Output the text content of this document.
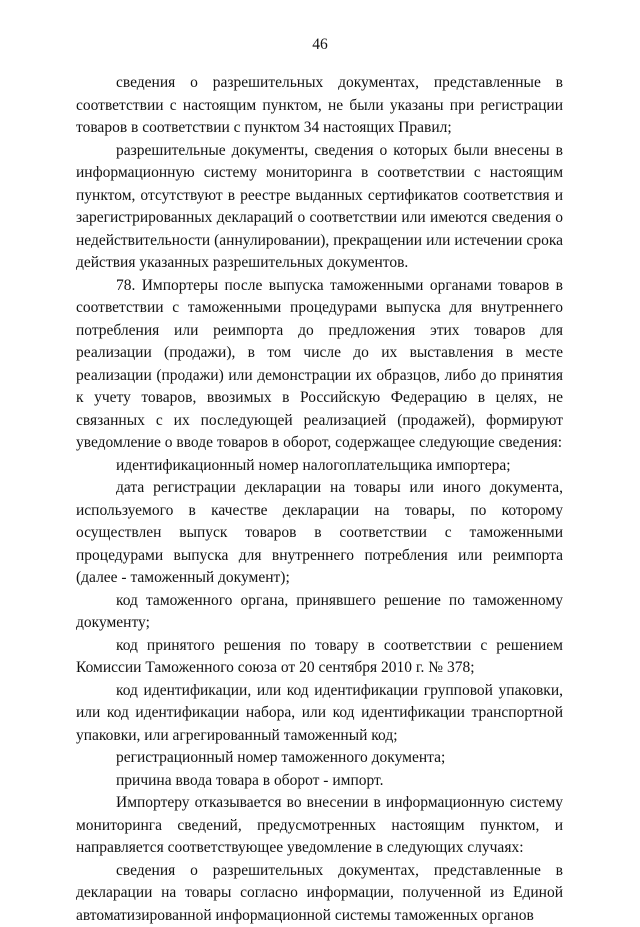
46

сведения о разрешительных документах, представленные в соответствии с настоящим пунктом, не были указаны при регистрации товаров в соответствии с пунктом 34 настоящих Правил;

разрешительные документы, сведения о которых были внесены в информационную систему мониторинга в соответствии с настоящим пунктом, отсутствуют в реестре выданных сертификатов соответствия и зарегистрированных деклараций о соответствии или имеются сведения о недействительности (аннулировании), прекращении или истечении срока действия указанных разрешительных документов.

78. Импортеры после выпуска таможенными органами товаров в соответствии с таможенными процедурами выпуска для внутреннего потребления или реимпорта до предложения этих товаров для реализации (продажи), в том числе до их выставления в месте реализации (продажи) или демонстрации их образцов, либо до принятия к учету товаров, ввозимых в Российскую Федерацию в целях, не связанных с их последующей реализацией (продажей), формируют уведомление о вводе товаров в оборот, содержащее следующие сведения:

идентификационный номер налогоплательщика импортера;

дата регистрации декларации на товары или иного документа, используемого в качестве декларации на товары, по которому осуществлен выпуск товаров в соответствии с таможенными процедурами выпуска для внутреннего потребления или реимпорта (далее - таможенный документ);

код таможенного органа, принявшего решение по таможенному документу;

код принятого решения по товару в соответствии с решением Комиссии Таможенного союза от 20 сентября 2010 г. № 378;

код идентификации, или код идентификации групповой упаковки, или код идентификации набора, или код идентификации транспортной упаковки, или агрегированный таможенный код;

регистрационный номер таможенного документа;

причина ввода товара в оборот - импорт.

Импортеру отказывается во внесении в информационную систему мониторинга сведений, предусмотренных настоящим пунктом, и направляется соответствующее уведомление в следующих случаях:

сведения о разрешительных документах, представленные в декларации на товары согласно информации, полученной из Единой автоматизированной информационной системы таможенных органов
